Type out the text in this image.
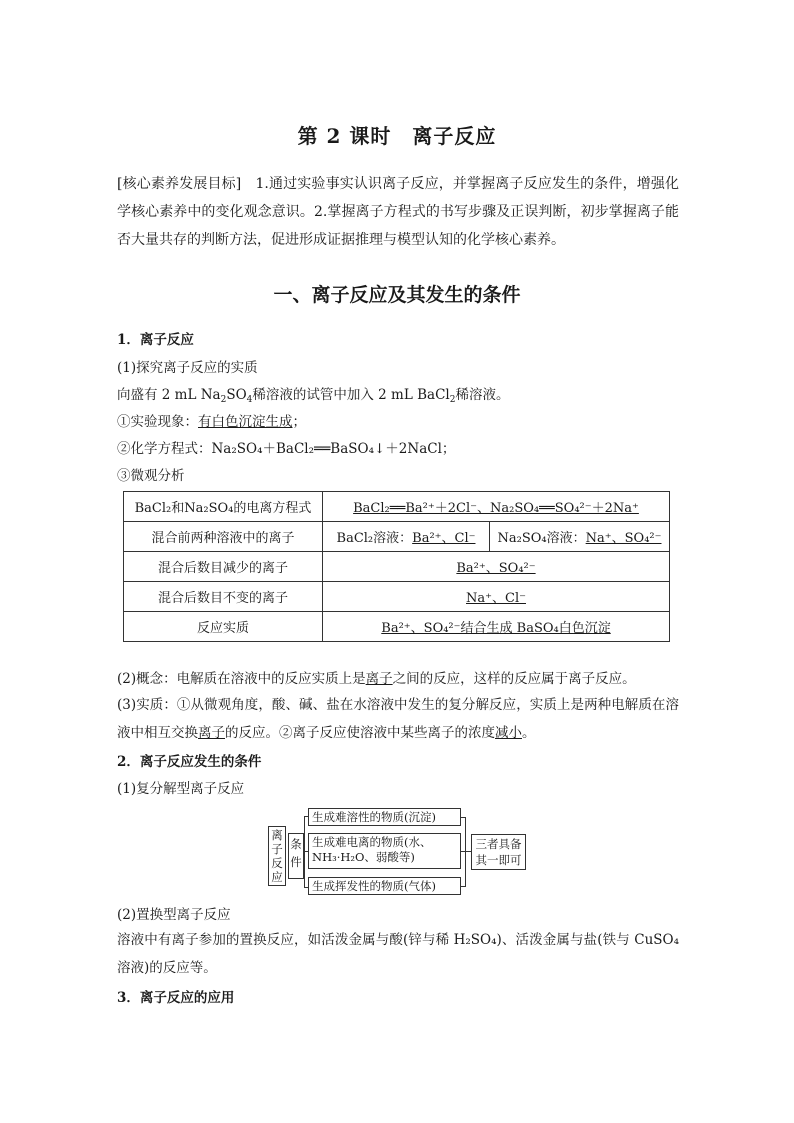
第 2 课时　离子反应
[核心素养发展目标]　1.通过实验事实认识离子反应，并掌握离子反应发生的条件，增强化学核心素养中的变化观念意识。2.掌握离子方程式的书写步骤及正误判断，初步掌握离子能否大量共存的判断方法，促进形成证据推理与模型认知的化学核心素养。
一、离子反应及其发生的条件
1．离子反应
(1)探究离子反应的实质
向盛有 2 mL $Na_2SO_4$稀溶液的试管中加入 2 mL BaCl$_2$稀溶液。
①实验现象：有白色沉淀生成；
②化学方程式：Na₂SO₄＋BaCl₂══BaSO₄↓＋2NaCl；
③微观分析
BaCl₂和Na₂SO₄的电离方程式	BaCl₂══Ba²⁺＋2Cl⁻、Na₂SO₄══SO₄²⁻＋2Na⁺	
混合前两种溶液中的离子	BaCl₂溶液：Ba²⁺、Cl⁻	Na₂SO₄溶液：Na⁺、SO₄²⁻
混合后数目减少的离子	Ba²⁺、SO₄²⁻	
混合后数目不变的离子	Na⁺、Cl⁻	
反应实质	Ba²⁺、SO₄²⁻结合生成 BaSO₄白色沉淀	
(2)概念：电解质在溶液中的反应实质上是离子之间的反应，这样的反应属于离子反应。
(3)实质：①从微观角度，酸、碱、盐在水溶液中发生的复分解反应，实质上是两种电解质在溶液中相互交换离子的反应。②离子反应使溶液中某些离子的浓度减小。
2．离子反应发生的条件
(1)复分解型离子反应
离子反应
条件
生成难溶性的物质(沉淀)
生成难电离的物质(水、
NH₃·H₂O、弱酸等)
生成挥发性的物质(气体)
三者具备
其一即可
(2)置换型离子反应
溶液中有离子参加的置换反应，如活泼金属与酸(锌与稀 H₂SO₄)、活泼金属与盐(铁与 CuSO₄溶液)的反应等。
3．离子反应的应用
